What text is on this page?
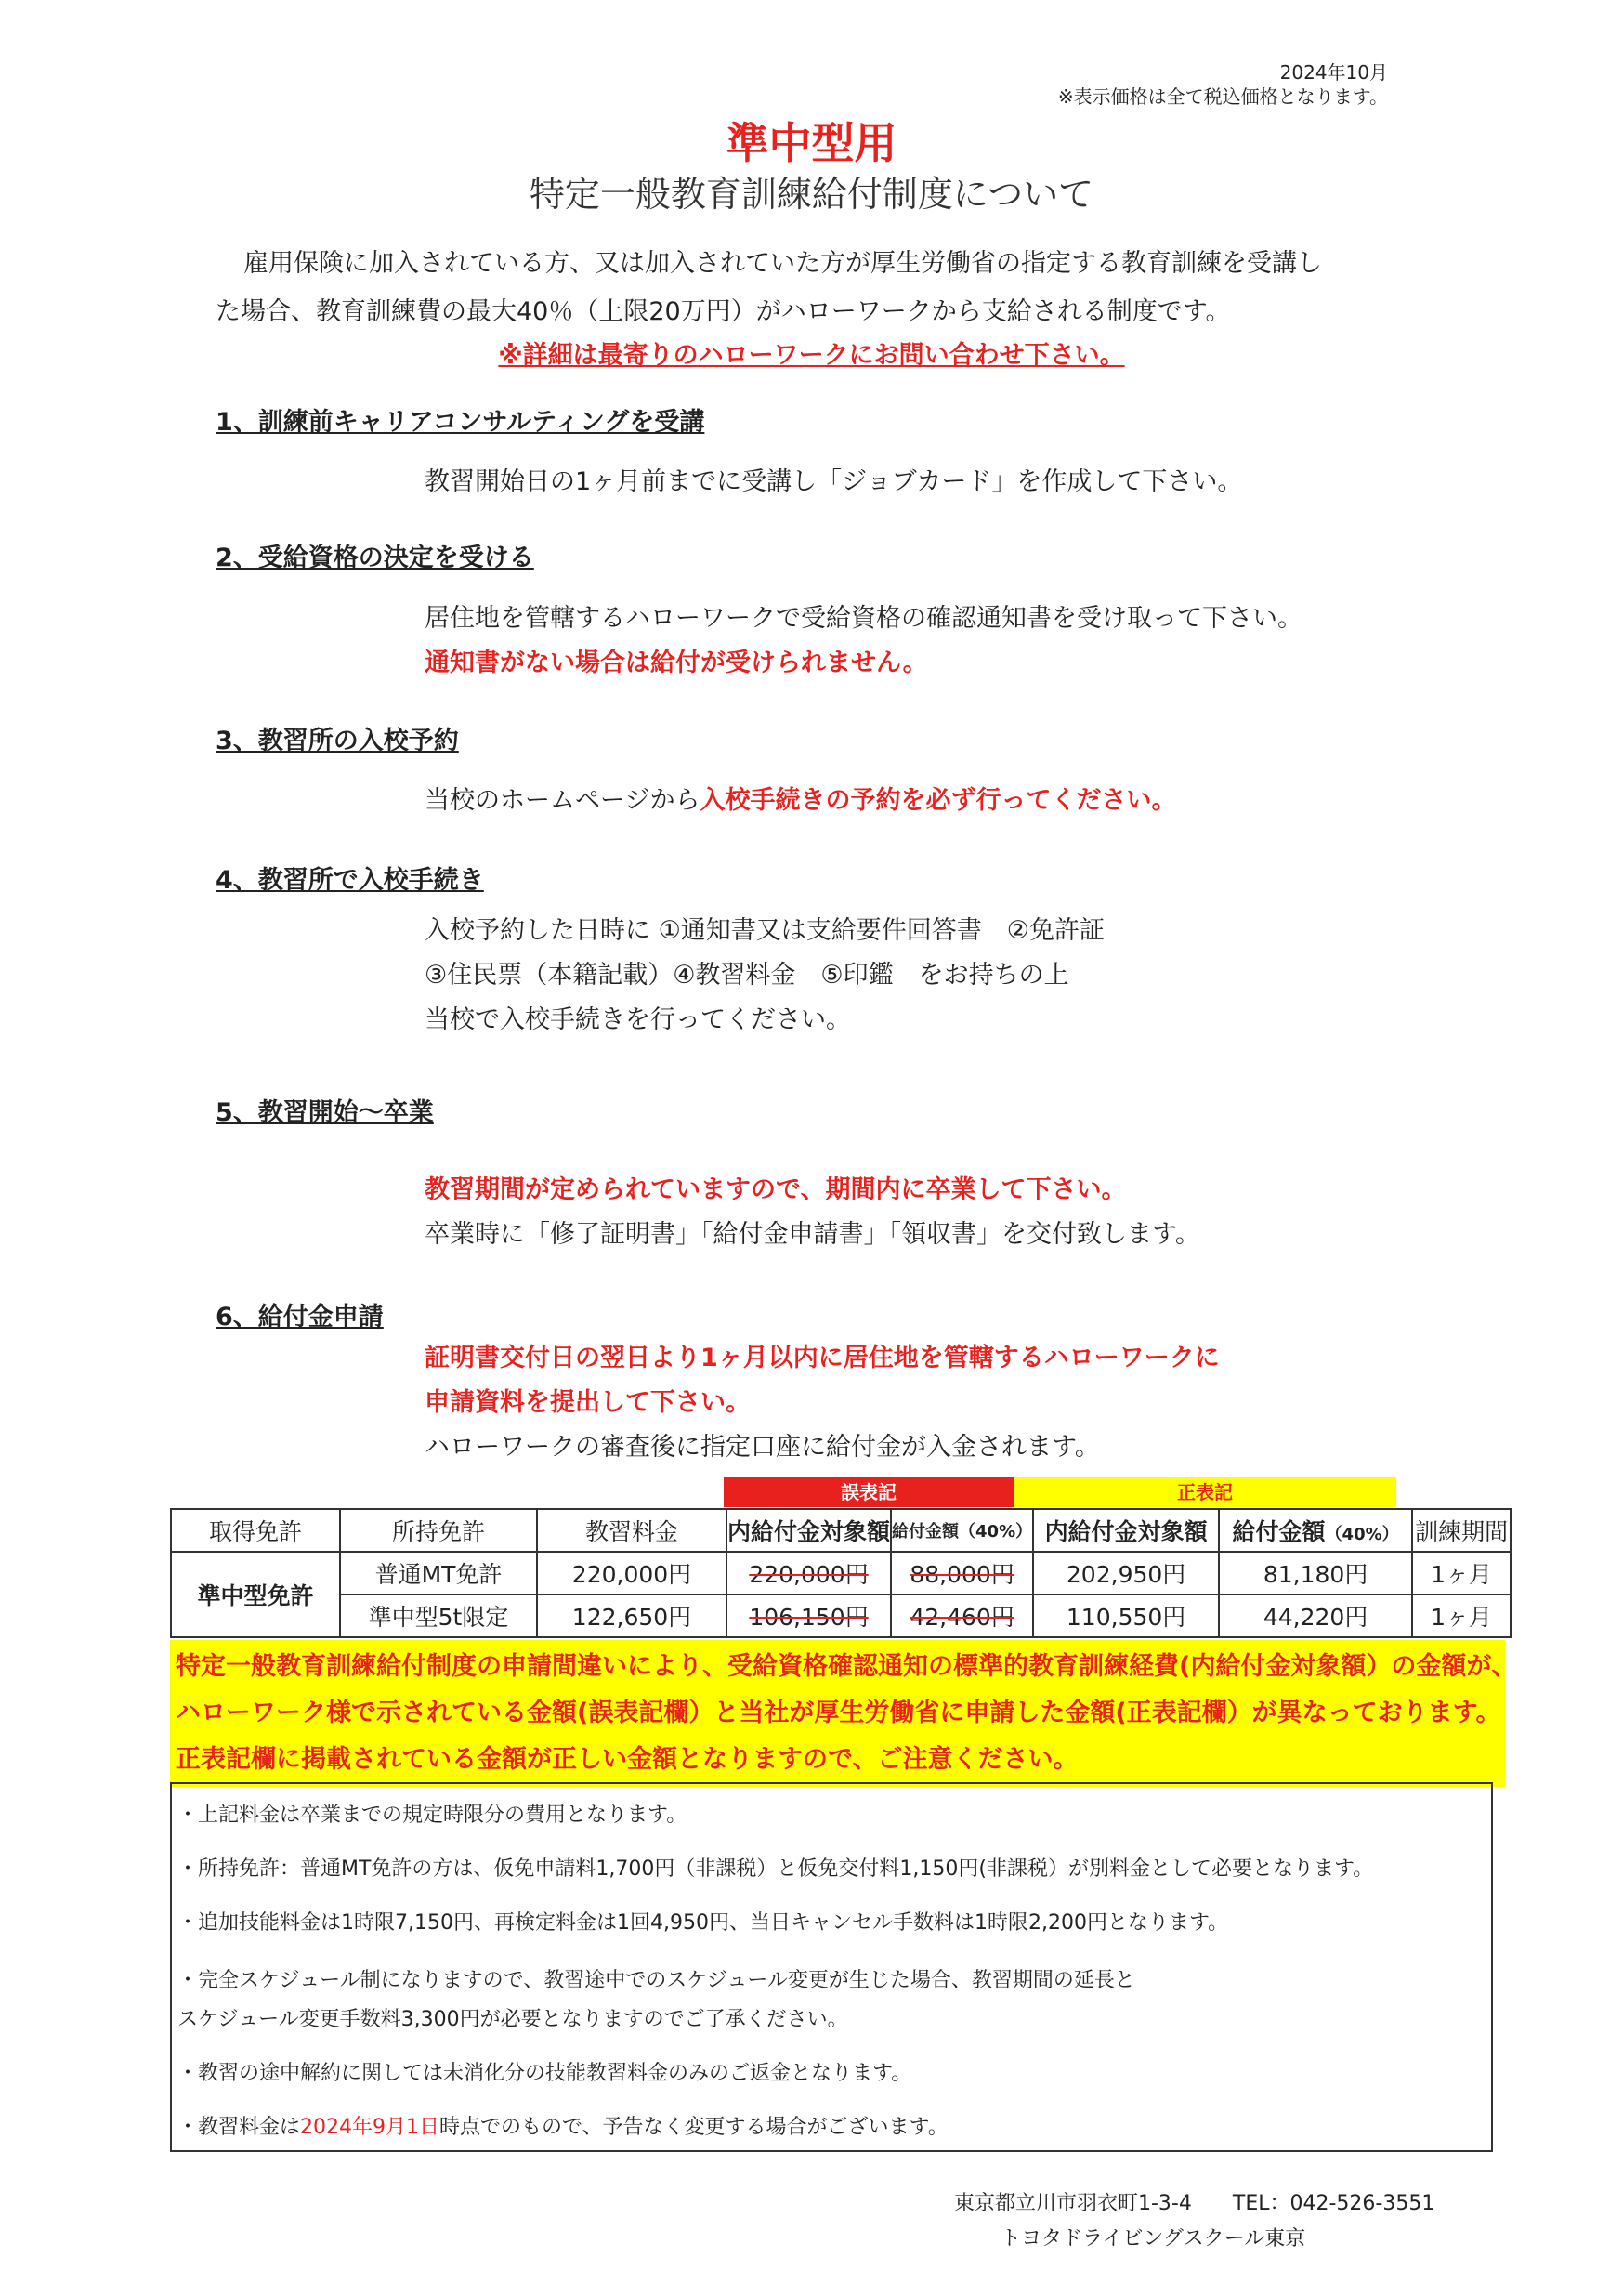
2024年10月
※表示価格は全て税込価格となります。
準中型用
特定一般教育訓練給付制度について

雇用保険に加入されている方、又は加入されていた方が厚生労働省の指定する教育訓練を受講し

た場合、教育訓練費の最大40％（上限20万円）がハローワークから支給される制度です。

※詳細は最寄りのハローワークにお問い合わせ下さい。
1、訓練前キャリアコンサルティングを受講

教習開始日の1ヶ月前までに受講し「ジョブカード」を作成して下さい。

2、受給資格の決定を受ける

居住地を管轄するハローワークで受給資格の確認通知書を受け取って下さい。

通知書がない場合は給付が受けられません。

3、教習所の入校予約

当校のホームページから入校手続きの予約を必ず行ってください。

4、教習所で入校手続き

入校予約した日時に ①通知書又は支給要件回答書　②免許証

③住民票（本籍記載）④教習料金　⑤印鑑　をお持ちの上

当校で入校手続きを行ってください。

5、教習開始～卒業

教習期間が定められていますので、期間内に卒業して下さい。

卒業時に「修了証明書」「給付金申請書」「領収書」を交付致します。

6、給付金申請

証明書交付日の翌日より1ヶ月以内に居住地を管轄するハローワークに

申請資料を提出して下さい。

ハローワークの審査後に指定口座に給付金が入金されます。

誤表記	正表記
取得免許	所持免許	教習料金	内給付金対象額	給付金額（40%）	内給付金対象額	給付金額（40%）	訓練期間
準中型免許	普通MT免許	220,000円	220,000円	88,000円	202,950円	81,180円	1ヶ月
	準中型5t限定	122,650円	106,150円	42,460円	110,550円	44,220円	1ヶ月

特定一般教育訓練給付制度の申請間違いにより、受給資格確認通知の標準的教育訓練経費(内給付金対象額）の金額が、

ハローワーク様で示されている金額(誤表記欄）と当社が厚生労働省に申請した金額(正表記欄）が異なっております。

正表記欄に掲載されている金額が正しい金額となりますので、ご注意ください。

・上記料金は卒業までの規定時限分の費用となります。

・所持免許：普通MT免許の方は、仮免申請料1,700円（非課税）と仮免交付料1,150円(非課税）が別料金として必要となります。

・追加技能料金は1時限7,150円、再検定料金は1回4,950円、当日キャンセル手数料は1時限2,200円となります。

・完全スケジュール制になりますので、教習途中でのスケジュール変更が生じた場合、教習期間の延長と

スケジュール変更手数料3,300円が必要となりますのでご了承ください。

・教習の途中解約に関しては未消化分の技能教習料金のみのご返金となります。

・教習料金は2024年9月1日時点でのもので、予告なく変更する場合がございます。

東京都立川市羽衣町1-3-4 TEL：042-526-3551

トヨタドライビングスクール東京
